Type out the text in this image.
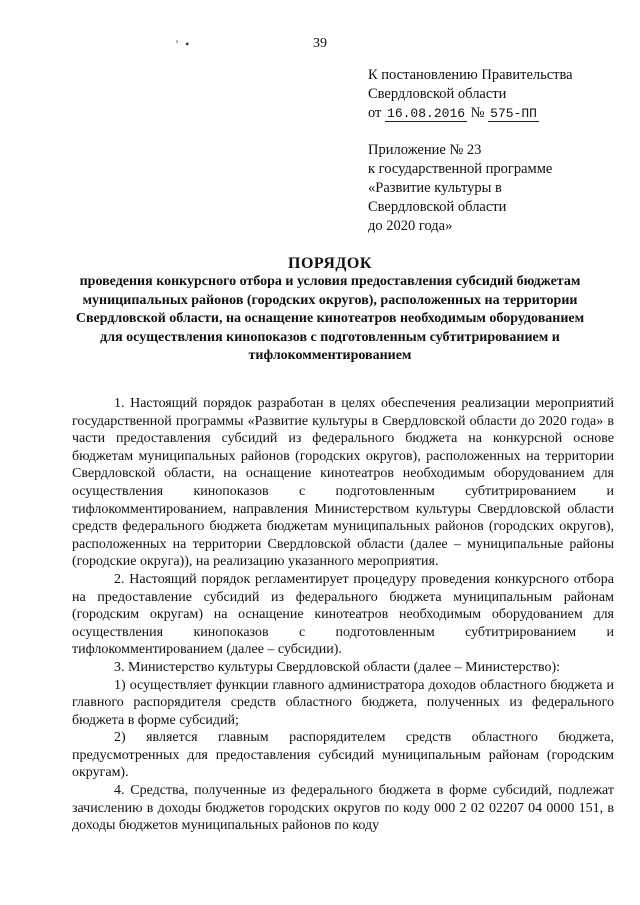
' •	39
К постановлению Правительства
Свердловской области
от 16.08.2016 № 575-ПП
Приложение № 23
к государственной программе
«Развитие культуры в
Свердловской области
до 2020 года»
ПОРЯДОК
проведения конкурсного отбора и условия предоставления субсидий бюджетам муниципальных районов (городских округов), расположенных на территории Свердловской области, на оснащение кинотеатров необходимым оборудованием для осуществления кинопоказов с подготовленным субтитрированием и тифлокомментированием

1. Настоящий порядок разработан в целях обеспечения реализации мероприятий государственной программы «Развитие культуры в Свердловской области до 2020 года» в части предоставления субсидий из федерального бюджета на конкурсной основе бюджетам муниципальных районов (городских округов), расположенных на территории Свердловской области, на оснащение кинотеатров необходимым оборудованием для осуществления кинопоказов с подготовленным субтитрированием и тифлокомментированием, направления Министерством культуры Свердловской области средств федерального бюджета бюджетам муниципальных районов (городских округов), расположенных на территории Свердловской области (далее – муниципальные районы (городские округа)), на реализацию указанного мероприятия.

2. Настоящий порядок регламентирует процедуру проведения конкурсного отбора на предоставление субсидий из федерального бюджета муниципальным районам (городским округам) на оснащение кинотеатров необходимым оборудованием для осуществления кинопоказов с подготовленным субтитрированием и тифлокомментированием (далее – субсидии).

3. Министерство культуры Свердловской области (далее – Министерство):

1) осуществляет функции главного администратора доходов областного бюджета и главного распорядителя средств областного бюджета, полученных из федерального бюджета в форме субсидий;

2) является главным распорядителем средств областного бюджета, предусмотренных для предоставления субсидий муниципальным районам (городским округам).

4. Средства, полученные из федерального бюджета в форме субсидий, подлежат зачислению в доходы бюджетов городских округов по коду 000 2 02 02207 04 0000 151, в доходы бюджетов муниципальных районов по коду
